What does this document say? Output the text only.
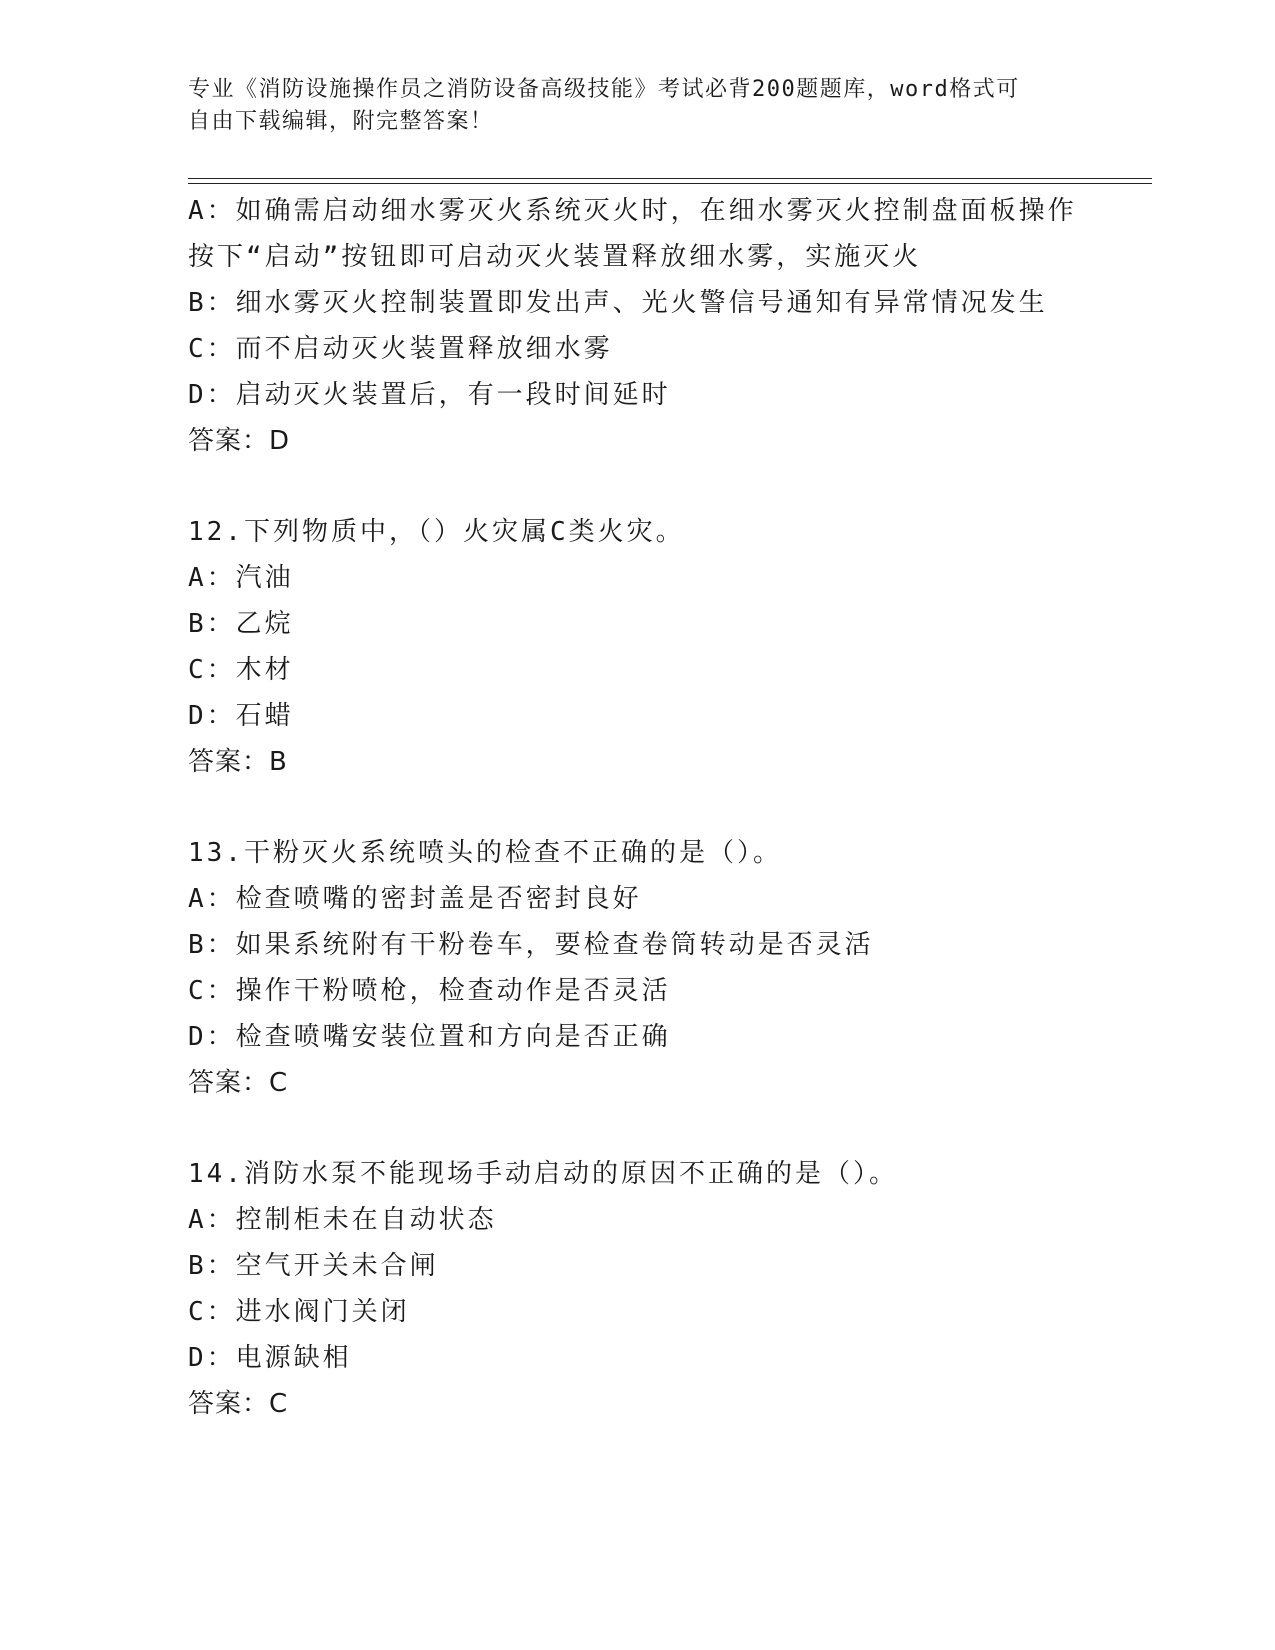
专业《消防设施操作员之消防设备高级技能》考试必背200题题库，word格式可
自由下载编辑，附完整答案！
A：如确需启动细水雾灭火系统灭火时，在细水雾灭火控制盘面板操作
按下“启动”按钮即可启动灭火装置释放细水雾，实施灭火
B：细水雾灭火控制装置即发出声、光火警信号通知有异常情况发生
C：而不启动灭火装置释放细水雾
D：启动灭火装置后，有一段时间延时
答案：D
12.下列物质中，（）火灾属C类火灾。
A：汽油
B：乙烷
C：木材
D：石蜡
答案：B
13.干粉灭火系统喷头的检查不正确的是（）。
A：检查喷嘴的密封盖是否密封良好
B：如果系统附有干粉卷车，要检查卷筒转动是否灵活
C：操作干粉喷枪，检查动作是否灵活
D：检查喷嘴安装位置和方向是否正确
答案：C
14.消防水泵不能现场手动启动的原因不正确的是（）。
A：控制柜未在自动状态
B：空气开关未合闸
C：进水阀门关闭
D：电源缺相
答案：C
